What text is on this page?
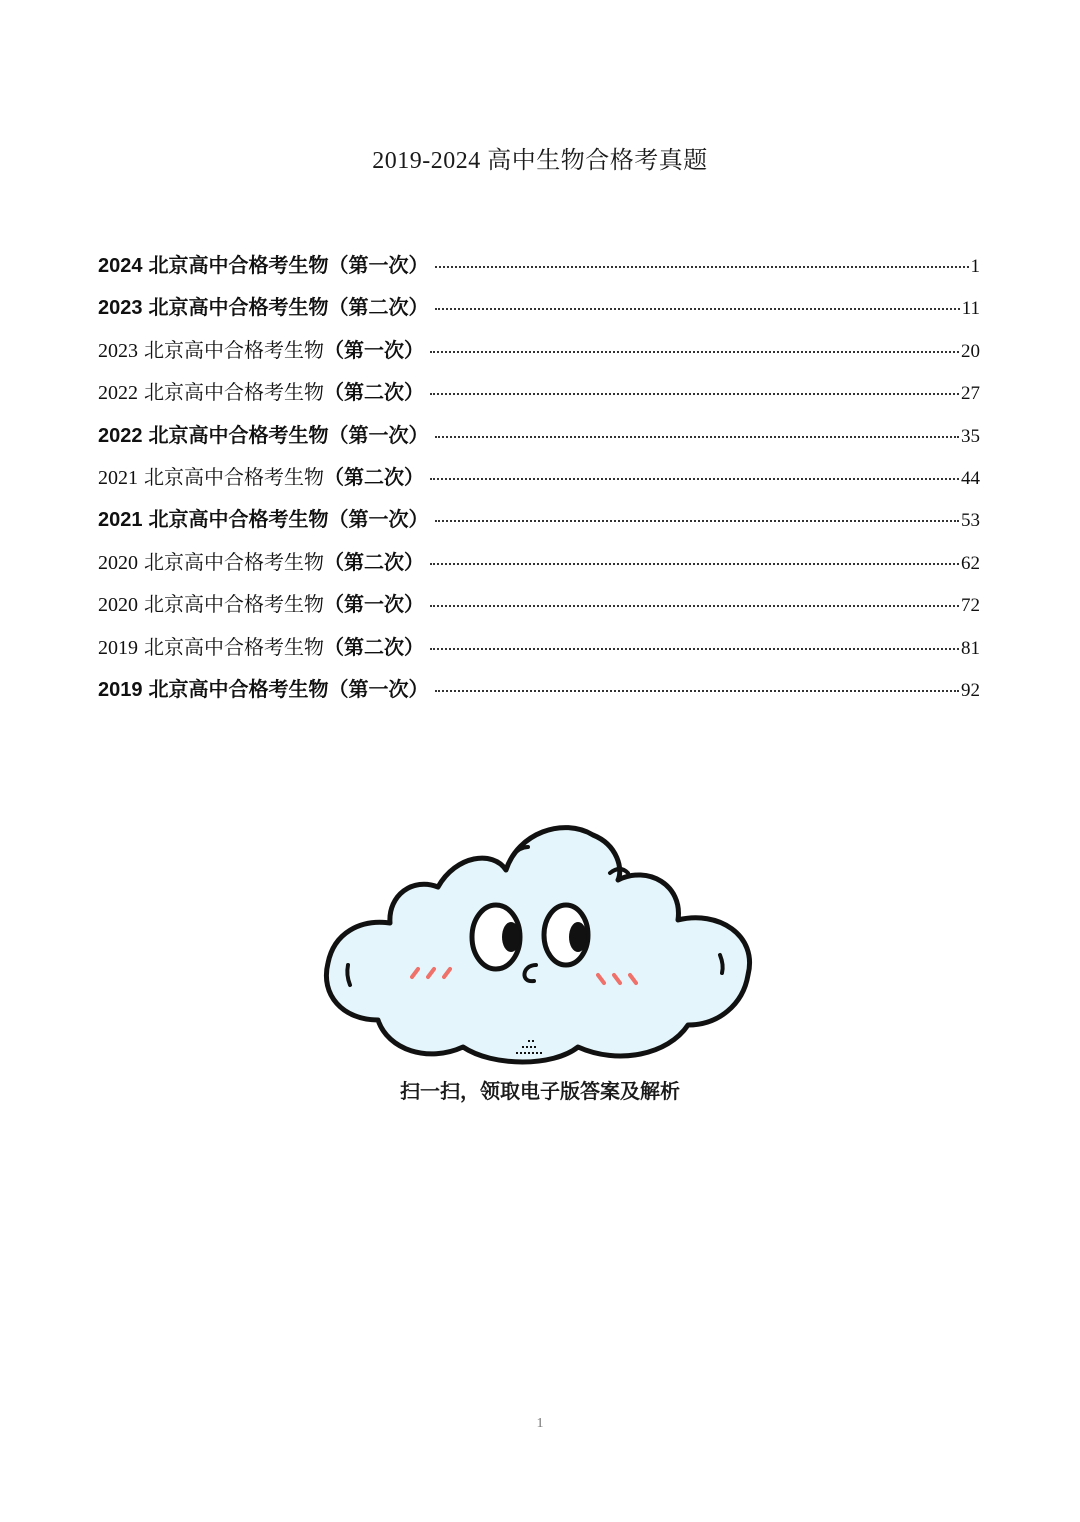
2019-2024 高中生物合格考真题
2024 北京高中合格考生物 （第一次）	1
2023 北京高中合格考生物 （第二次）	11
2023 北京高中合格考生物 （第一次）	20
2022 北京高中合格考生物 （第二次）	27
2022 北京高中合格考生物 （第一次）	35
2021 北京高中合格考生物 （第二次）	44
2021 北京高中合格考生物 （第一次）	53
2020 北京高中合格考生物 （第二次）	62
2020 北京高中合格考生物 （第一次）	72
2019 北京高中合格考生物 （第二次）	81
2019 北京高中合格考生物 （第一次）	92
扫一扫，领取电子版答案及解析
1
